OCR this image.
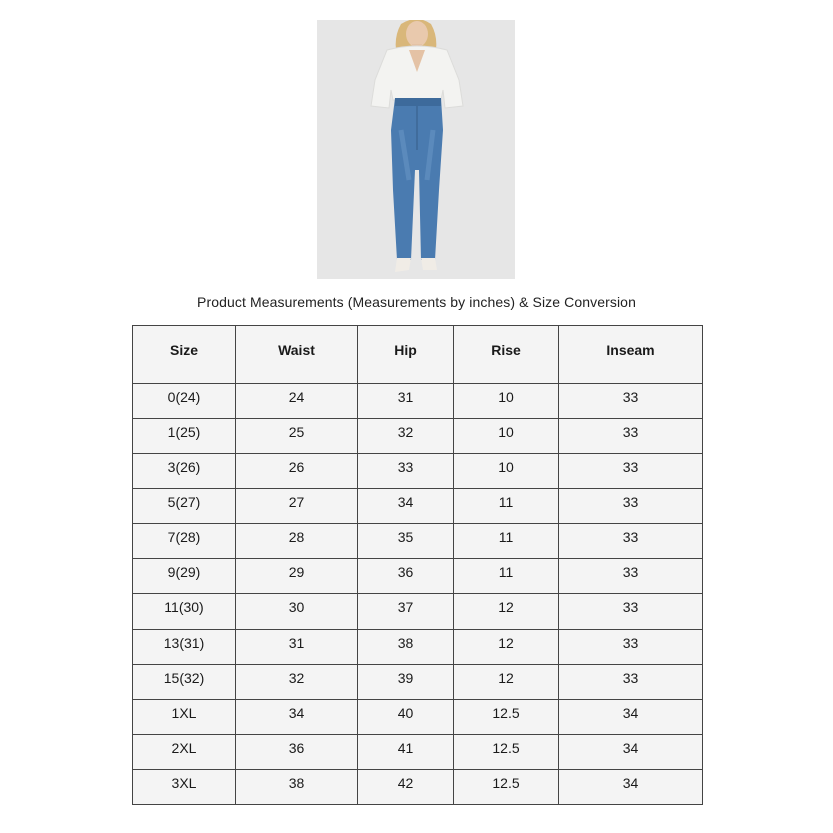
Product Measurements (Measurements by inches) & Size Conversion
Size	Waist	Hip	Rise	Inseam
0(24)	24	31	10	33
1(25)	25	32	10	33
3(26)	26	33	10	33
5(27)	27	34	11	33
7(28)	28	35	11	33
9(29)	29	36	11	33
11(30)	30	37	12	33
13(31)	31	38	12	33
15(32)	32	39	12	33
1XL	34	40	12.5	34
2XL	36	41	12.5	34
3XL	38	42	12.5	34
